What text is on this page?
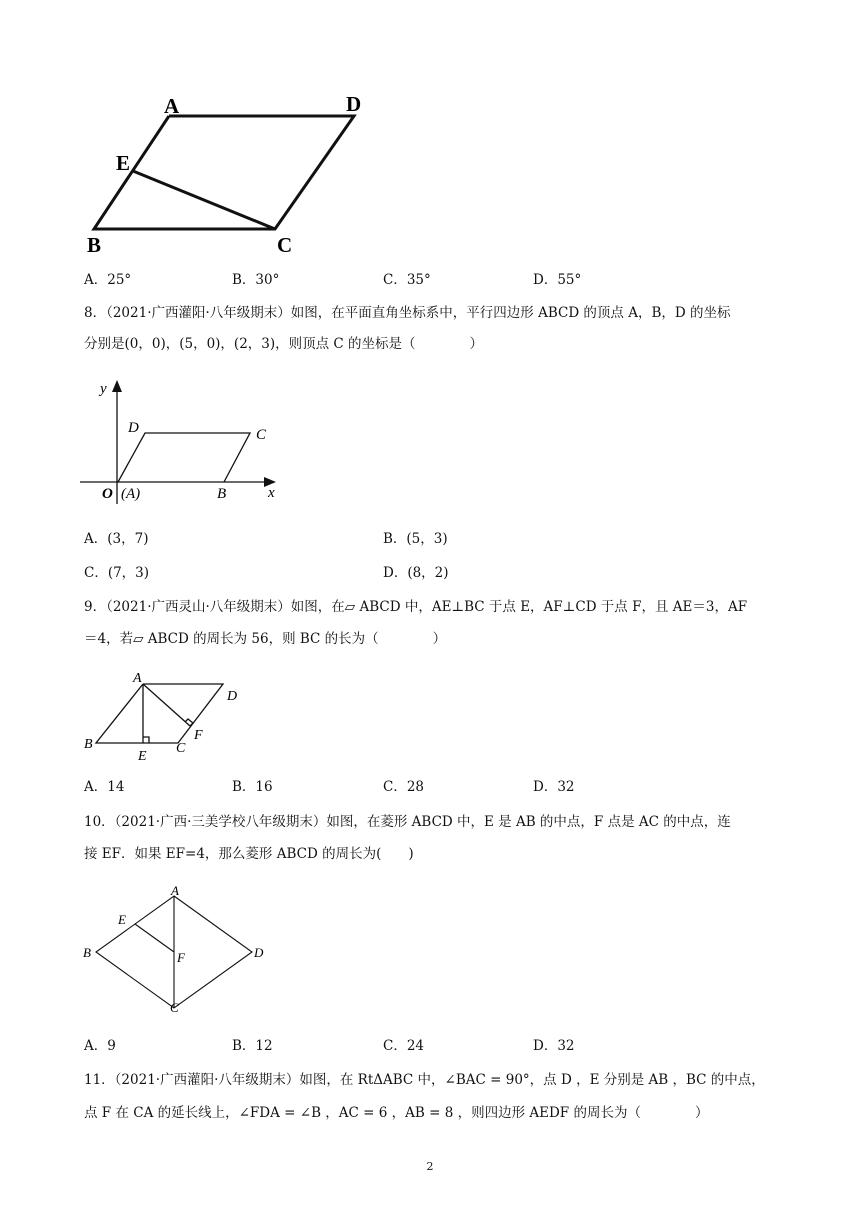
A	D
E
B	C
A．25°	B．30°	C．35°	D．55°
8．（2021·广西灌阳·八年级期末）如图，在平面直角坐标系中，平行四边形 ABCD 的顶点 A，B，D 的坐标
分别是(0，0)，(5，0)，(2，3)，则顶点 C 的坐标是（　　　　）
y
x
D	C
O (A)	B
A．(3，7)	B．(5，3)
C．(7，3)	D．(8，2)
9．（2021·广西灵山·八年级期末）如图，在▱ ABCD 中，AE⊥BC 于点 E，AF⊥CD 于点 F，且 AE＝3，AF
＝4，若▱ ABCD 的周长为 56，则 BC 的长为（　　　　）
A
D
B
E
C
F
A．14	B．16	C．28	D．32
10．（2021·广西·三美学校八年级期末）如图，在菱形 ABCD 中，E 是 AB 的中点，F 点是 AC 的中点，连
接 EF．如果 EF=4，那么菱形 ABCD 的周长为(　　)
A
E
B	F	D
C
A．9	B．12	C．24	D．32
11．（2021·广西灌阳·八年级期末）如图，在 RtΔABC 中，∠BAC = 90°，点 D ，E 分别是 AB ，BC 的中点，
点 F 在 CA 的延长线上，∠FDA = ∠B ，AC = 6 ，AB = 8 ，则四边形 AEDF 的周长为（　　　　）
2
